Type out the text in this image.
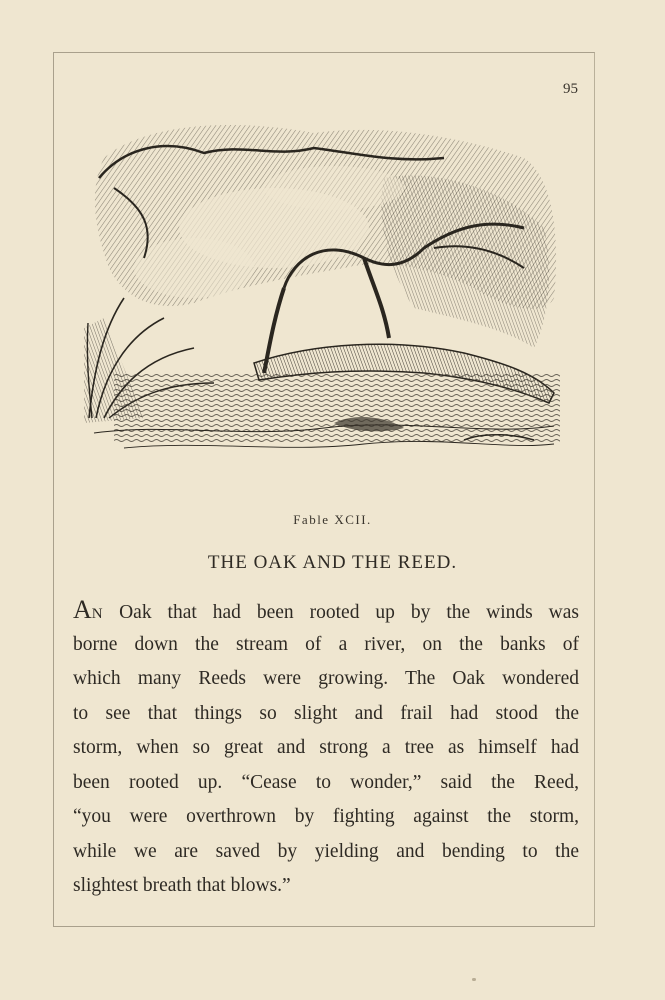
95
Fable XCII.
THE OAK AND THE REED.
AN Oak that had been rooted up by the winds was
borne down the stream of a river, on the banks of
which many Reeds were growing. The Oak wondered
to see that things so slight and frail had stood the
storm, when so great and strong a tree as himself had
been rooted up. “Cease to wonder,” said the Reed,
“you were overthrown by fighting against the storm,
while we are saved by yielding and bending to the
slightest breath that blows.”
